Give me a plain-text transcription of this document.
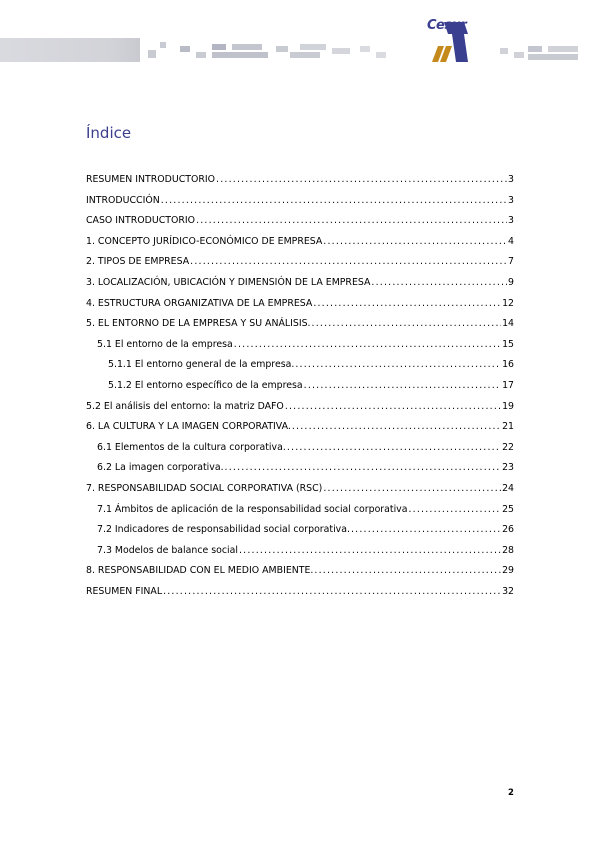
Cesur
Índice
RESUMEN INTRODUCTORIO .....	3
INTRODUCCIÓN .....	3
CASO INTRODUCTORIO .....	3
1. CONCEPTO JURÍDICO-ECONÓMICO DE EMPRESA .....	4
2. TIPOS DE EMPRESA .....	7
3. LOCALIZACIÓN, UBICACIÓN Y DIMENSIÓN DE LA EMPRESA .....	9
4. ESTRUCTURA ORGANIZATIVA DE LA EMPRESA .....	12
5. EL ENTORNO DE LA EMPRESA Y SU ANÁLISIS. .....	14
5.1 El entorno de la empresa .....	15
5.1.1 El entorno general de la empresa. .....	16
5.1.2 El entorno específico de la empresa .....	17
5.2 El análisis del entorno: la matriz DAFO .....	19
6. LA CULTURA Y LA IMAGEN CORPORATIVA. .....	21
6.1 Elementos de la cultura corporativa. .....	22
6.2 La imagen corporativa. .....	23
7. RESPONSABILIDAD SOCIAL CORPORATIVA (RSC) .....	24
7.1 Ámbitos de aplicación de la responsabilidad social corporativa .....	25
7.2 Indicadores de responsabilidad social corporativa. .....	26
7.3 Modelos de balance social .....	28
8. RESPONSABILIDAD CON EL MEDIO AMBIENTE. .....	29
RESUMEN FINAL .....	32
2
